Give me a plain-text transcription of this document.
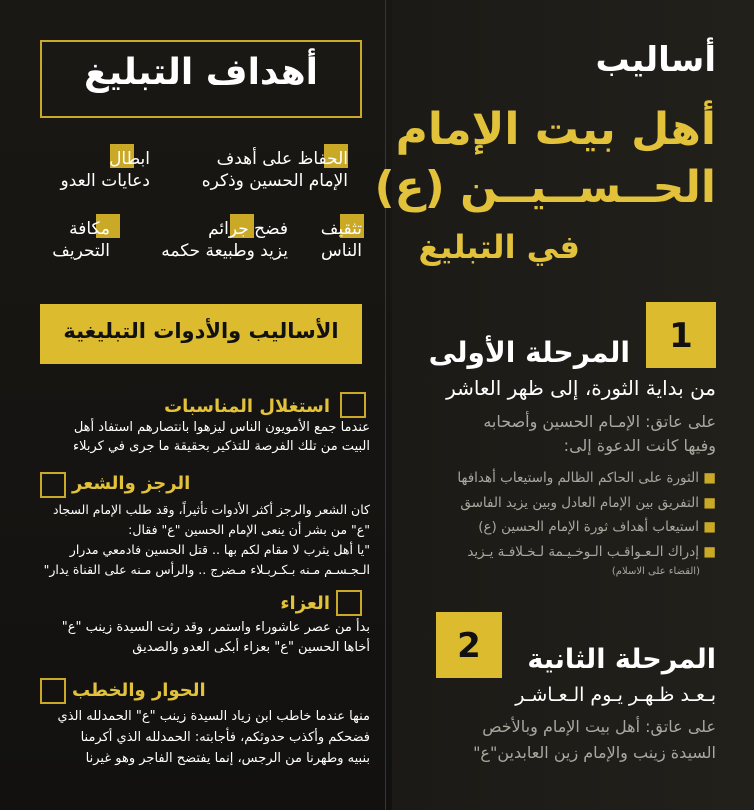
أهداف التبليغ
الحفاظ على أهدف
الإمام الحسين وذكره
ابطال
دعايات العدو
تثقيف
الناس
فضح جرائم
يزيد وطبيعة حكمه
مكافة
التحريف
الأساليب والأدوات التبليغية
استغلال المناسبات
عندما جمع الأمويون الناس ليزهوا بانتصارهم استفاد أهل
البيت من تلك الفرصة للتذكير بحقيقة ما جرى في كربلاء
الرجز والشعر
كان الشعر والرجز أكثر الأدوات تأثيراً، وقد طلب الإمام السجاد
"ع" من بشر أن ينعى الإمام الحسين "ع" فقال:
"يا أهل يثرب لا مقام لكم بها .. قتل الحسين فادمعي مدرار
الـجـسـم مـنه بـكـربـلاء مـضرج .. والرأس مـنه على القناة يدار"
العزاء
بدأ من عصر عاشوراء واستمر، وقد رثت السيدة زينب "ع"
أخاها الحسين "ع" بعزاء أبكى العدو والصديق
الحوار والخطب
منها عندما خاطب ابن زياد السيدة زينب "ع" الحمدلله الذي
فضحكم وأكذب حدوثكم، فأجابته: الحمدلله الذي أكرمنا
بنبيه وطهرنا من الرجس، إنما يفتضح الفاجر وهو غيرنا
أساليب
أهل بيت الإمام
الحــســيــن (ع)
في التبليغ
1
المرحلة الأولى
من بداية الثورة، إلى ظهر العاشر
على عاتق: الإمـام الحسين وأصحابه
وفيها كانت الدعوة إلى:
■ الثورة على الحاكم الظالم واستيعاب أهدافها
■ التفريق بين الإمام العادل وبين يزيد الفاسق
■ استيعاب أهداف ثورة الإمام الحسين (ع)
■ إدراك الـعـواقـب الـوخـيـمة لـخـلافـة يـزيد
(القضاء على الاسلام)
2	المرحلة الثانية
بـعـد ظـهـر يـوم الـعـاشـر
على عاتق: أهل بيت الإمام وبالأخص
السيدة زينب والإمام زين العابدين"ع"
